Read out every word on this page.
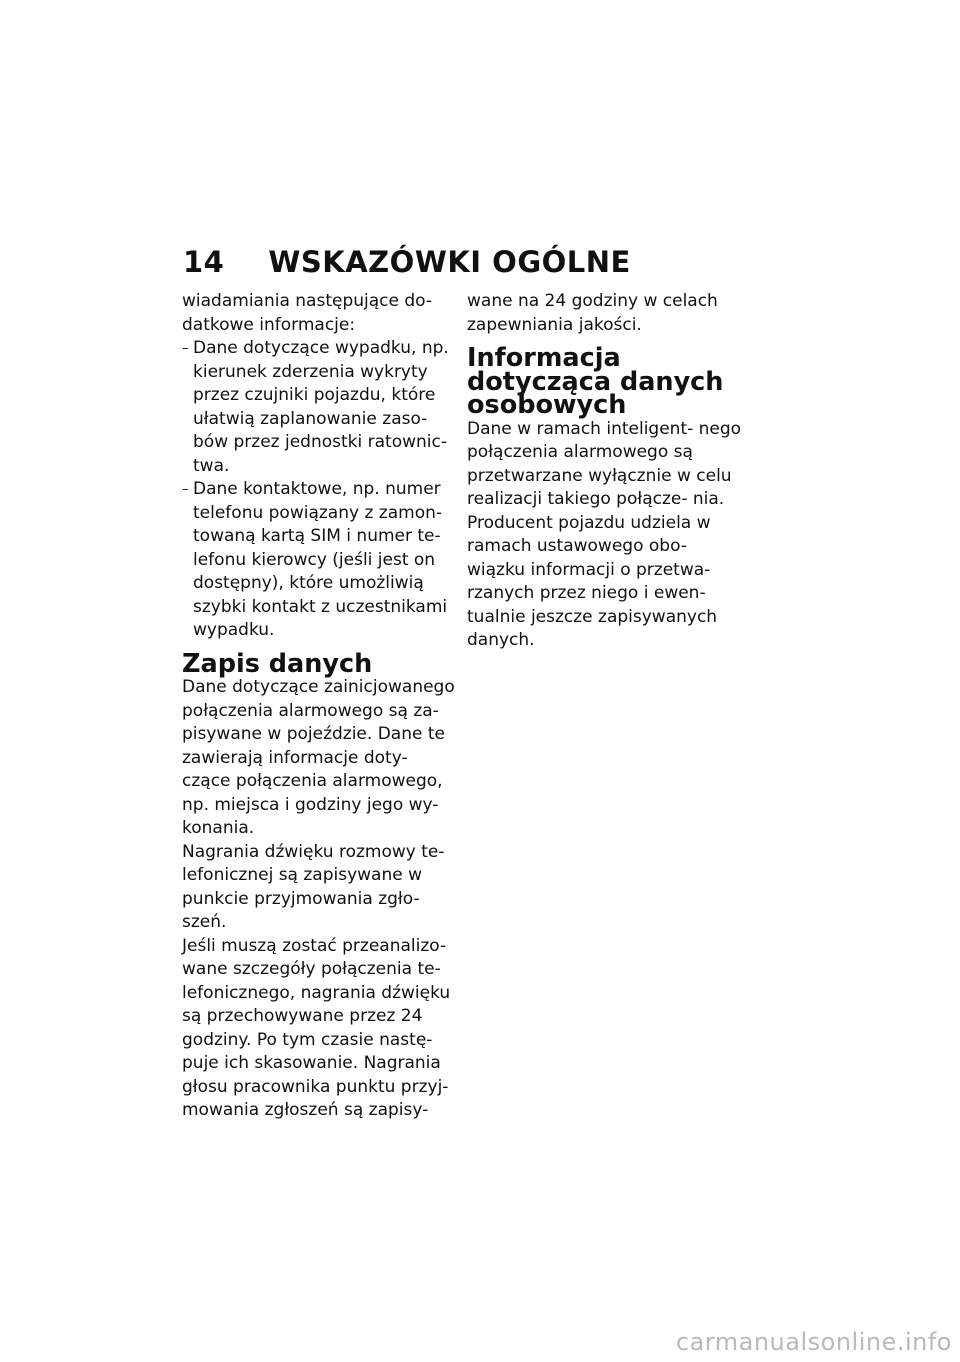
14 WSKAZÓWKI OGÓLNE

wiadamiania następujące do- datkowe informacje:

– Dane dotyczące wypadku, np. kierunek zderzenia wykryty przez czujniki pojazdu, które ułatwią zaplanowanie zaso- bów przez jednostki ratownic- twa.
– Dane kontaktowe, np. numer telefonu powiązany z zamon- towaną kartą SIM i numer te- lefonu kierowcy (jeśli jest on dostępny), które umożliwią szybki kontakt z uczestnikami wypadku.
Zapis danych

Dane dotyczące zainicjowanego połączenia alarmowego są za- pisywane w pojeździe. Dane te zawierają informacje doty- czące połączenia alarmowego, np. miejsca i godziny jego wy- konania.

Nagrania dźwięku rozmowy te- lefonicznej są zapisywane w punkcie przyjmowania zgło- szeń.

Jeśli muszą zostać przeanalizo- wane szczegóły połączenia te- lefonicznego, nagrania dźwięku są przechowywane przez 24 godziny. Po tym czasie nastę- puje ich skasowanie. Nagrania głosu pracownika punktu przyj- mowania zgłoszeń są zapisy-

wane na 24 godziny w celach zapewniania jakości.

Informacja dotycząca danych osobowych

Dane w ramach inteligent- nego połączenia alarmowego są przetwarzane wyłącznie w celu realizacji takiego połącze- nia. Producent pojazdu udziela w ramach ustawowego obo- wiązku informacji o przetwa- rzanych przez niego i ewen- tualnie jeszcze zapisywanych danych.

carmanualsonline.info
